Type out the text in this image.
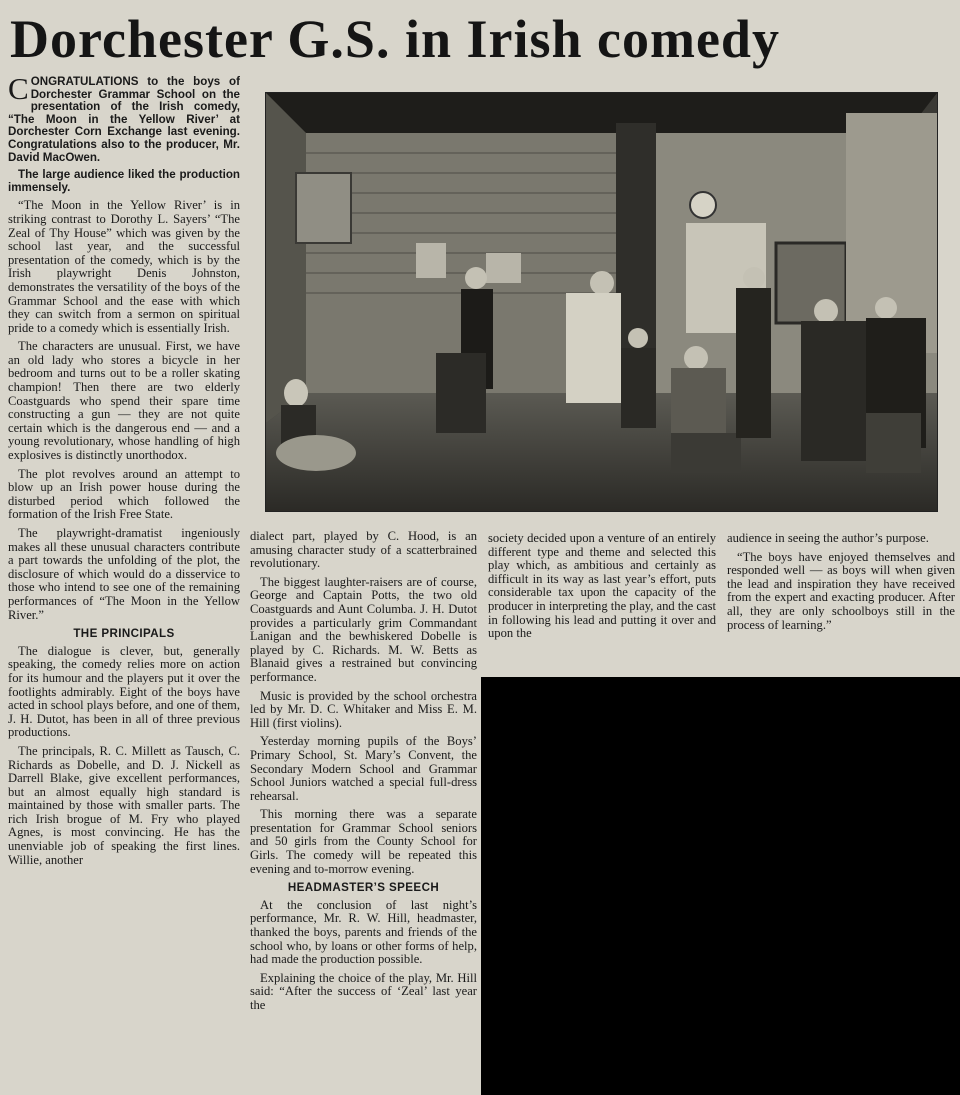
Dorchester G.S. in Irish comedy

CONGRATULATIONS to the boys of Dorchester Grammar School on the presentation of the Irish comedy, “The Moon in the Yellow River’ at Dorchester Corn Exchange last evening. Congratulations also to the producer, Mr. David MacOwen.

The large audience liked the production immensely.

“The Moon in the Yellow River’ is in striking contrast to Dorothy L. Sayers’ “The Zeal of Thy House” which was given by the school last year, and the successful presentation of the comedy, which is by the Irish playwright Denis Johnston, demonstrates the versatility of the boys of the Grammar School and the ease with which they can switch from a sermon on spiritual pride to a comedy which is essentially Irish.

The characters are unusual. First, we have an old lady who stores a bicycle in her bedroom and turns out to be a roller skating champion! Then there are two elderly Coastguards who spend their spare time constructing a gun — they are not quite certain which is the dangerous end — and a young revolutionary, whose handling of high explosives is distinctly unorthodox.

The plot revolves around an attempt to blow up an Irish power house during the disturbed period which followed the formation of the Irish Free State.

The playwright-dramatist ingeniously makes all these unusual characters contribute a part towards the unfolding of the plot, the disclosure of which would do a disservice to those who intend to see one of the remaining performances of “The Moon in the Yellow River.”

THE PRINCIPALS

The dialogue is clever, but, generally speaking, the comedy relies more on action for its humour and the players put it over the footlights admirably. Eight of the boys have acted in school plays before, and one of them, J. H. Dutot, has been in all of three previous productions.

The principals, R. C. Millett as Tausch, C. Richards as Dobelle, and D. J. Nickell as Darrell Blake, give excellent performances, but an almost equally high standard is maintained by those with smaller parts. The rich Irish brogue of M. Fry who played Agnes, is most convincing. He has the unenviable job of speaking the first lines. Willie, another

dialect part, played by C. Hood, is an amusing character study of a scatterbrained revolutionary.

The biggest laughter-raisers are of course, George and Captain Potts, the two old Coastguards and Aunt Columba. J. H. Dutot provides a particularly grim Commandant Lanigan and the bewhiskered Dobelle is played by C. Richards. M. W. Betts as Blanaid gives a restrained but convincing performance.

Music is provided by the school orchestra led by Mr. D. C. Whitaker and Miss E. M. Hill (first violins).

Yesterday morning pupils of the Boys’ Primary School, St. Mary’s Convent, the Secondary Modern School and Grammar School Juniors watched a special full-dress rehearsal.

This morning there was a separate presentation for Grammar School seniors and 50 girls from the County School for Girls. The comedy will be repeated this evening and to-morrow evening.

HEADMASTER’S SPEECH

At the conclusion of last night’s performance, Mr. R. W. Hill, headmaster, thanked the boys, parents and friends of the school who, by loans or other forms of help, had made the production possible.

Explaining the choice of the play, Mr. Hill said: “After the success of ‘Zeal’ last year the

society decided upon a venture of an entirely different type and theme and selected this play which, as ambitious and certainly as difficult in its way as last year’s effort, puts considerable tax upon the capacity of the producer in interpreting the play, and the cast in following his lead and putting it over and upon the

audience in seeing the author’s purpose.

“The boys have enjoyed themselves and responded well — as boys will when given the lead and inspiration they have received from the expert and exacting producer. After all, they are only schoolboys still in the process of learning.”
